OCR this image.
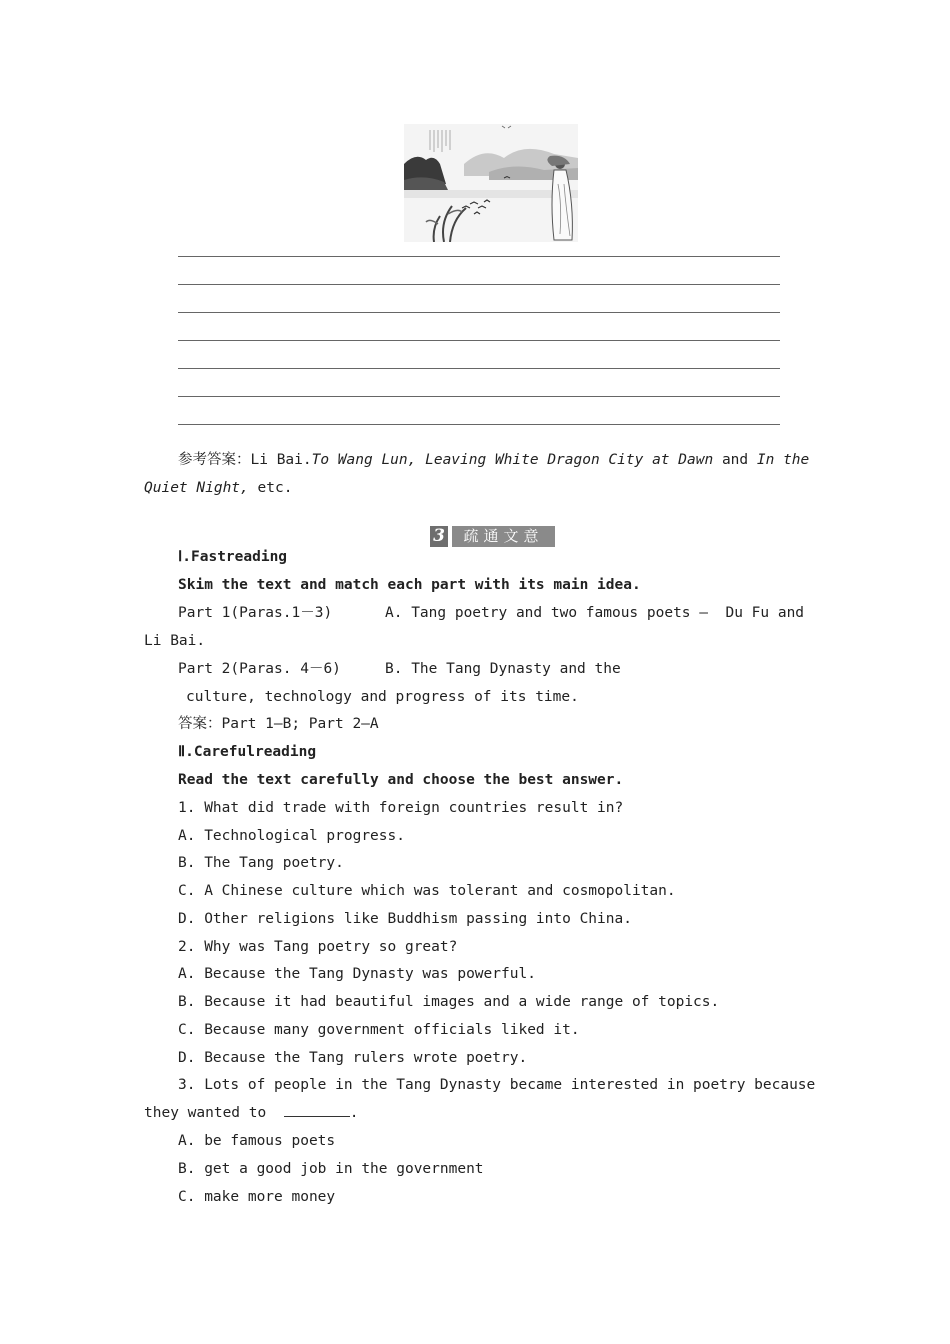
参考答案：Li Bai.To Wang Lun, Leaving White Dragon City at Dawn and In the
Quiet Night, etc.
3	疏通文意
Ⅰ.Fastreading
Skim the text and match each part with its main idea.
Part 1(Paras.1－3)	A. Tang poetry and two famous poets —  Du Fu and
Li Bai.
Part 2(Paras. 4－6)	B. The Tang Dynasty and the
culture, technology and progress of its time.
答案：Part 1—B; Part 2—A
Ⅱ.Carefulreading
Read the text carefully and choose the best answer.
1. What did trade with foreign countries result in?
A. Technological progress.
B. The Tang poetry.
C. A Chinese culture which was tolerant and cosmopolitan.
D. Other religions like Buddhism passing into China.
2. Why was Tang poetry so great?
A. Because the Tang Dynasty was powerful.
B. Because it had beautiful images and a wide range of topics.
C. Because many government officials liked it.
D. Because the Tang rulers wrote poetry.
3. Lots of people in the Tang Dynasty became interested in poetry because
they wanted to	.
A. be famous poets
B. get a good job in the government
C. make more money
